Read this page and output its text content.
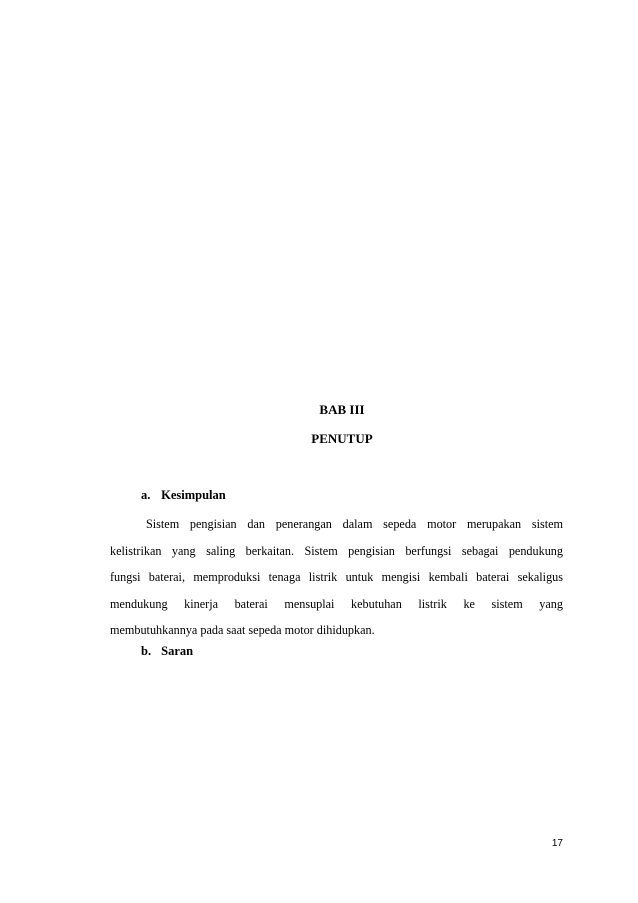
BAB III
PENUTUP
a. Kesimpulan
Sistem pengisian dan penerangan dalam sepeda motor merupakan sistem
kelistrikan yang saling berkaitan. Sistem pengisian berfungsi sebagai pendukung
fungsi baterai, memproduksi tenaga listrik untuk mengisi kembali baterai sekaligus
mendukung kinerja baterai mensuplai kebutuhan listrik ke sistem yang
membutuhkannya pada saat sepeda motor dihidupkan.
b. Saran
17
